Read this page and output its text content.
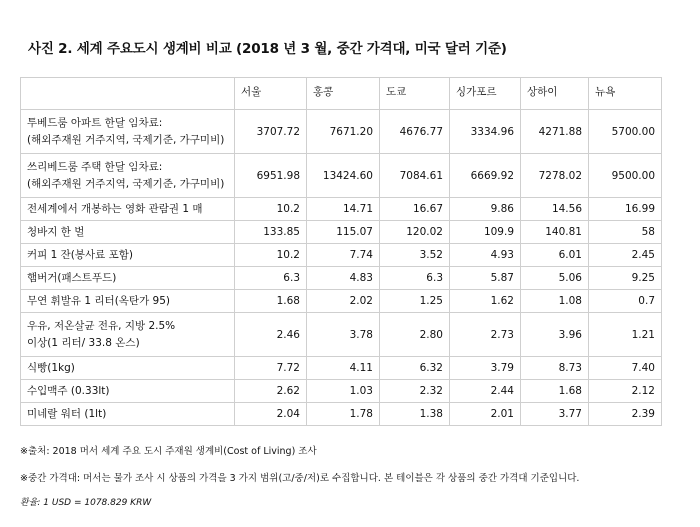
사진 2. 세계 주요도시 생계비 비교 (2018 년 3 월, 중간 가격대, 미국 달러 기준)
	서울	홍콩	도쿄	싱가포르	상하이	뉴욕

투베드룸 아파트 한달 임차료:
(해외주재원 거주지역, 국제기준, 가구미비)	3707.72	7671.20	4676.77	3334.96	4271.88	5700.00

쓰리베드룸 주택 한달 임차료:
(해외주재원 거주지역, 국제기준, 가구미비)	6951.98	13424.60	7084.61	6669.92	7278.02	9500.00

전세계에서 개봉하는 영화 관람권 1 매	10.2	14.71	16.67	9.86	14.56	16.99

청바지 한 벌	133.85	115.07	120.02	109.9	140.81	58

커피 1 잔(봉사료 포함)	10.2	7.74	3.52	4.93	6.01	2.45

햄버거(패스트푸드)	6.3	4.83	6.3	5.87	5.06	9.25

무연 휘발유 1 리터(옥탄가 95)	1.68	2.02	1.25	1.62	1.08	0.7

우유, 저온살균 전유, 지방 2.5%
이상(1 리터/ 33.8 온스)	2.46	3.78	2.80	2.73	3.96	1.21

식빵(1kg)	7.72	4.11	6.32	3.79	8.73	7.40

수입맥주 (0.33lt)	2.62	1.03	2.32	2.44	1.68	2.12

미네랄 워터 (1lt)	2.04	1.78	1.38	2.01	3.77	2.39
※출처: 2018 머서 세계 주요 도시 주재원 생계비(Cost of Living) 조사
※중간 가격대: 머서는 물가 조사 시 상품의 가격을 3 가지 범위(고/중/저)로 수집합니다. 본 테이블은 각 상품의 중간 가격대 기준입니다.
환율: 1 USD = 1078.829 KRW
